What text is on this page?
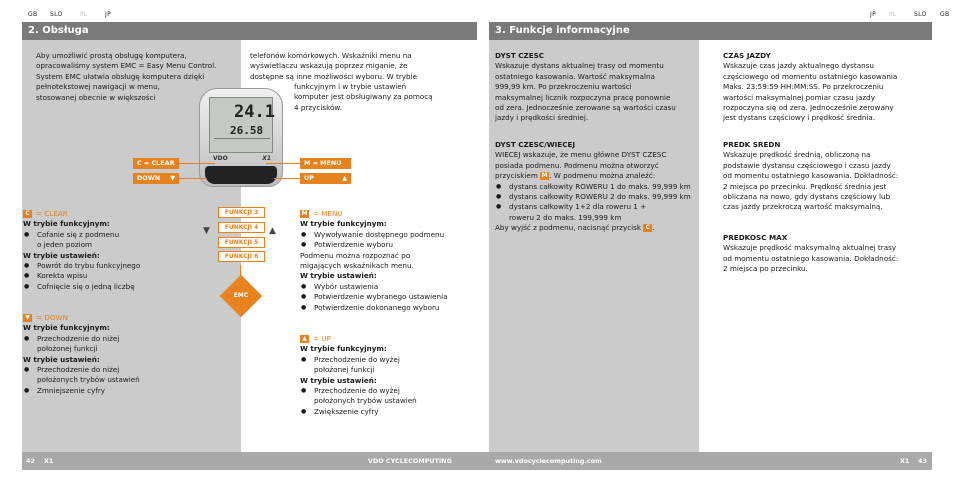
GB SLO	PL	JP
2. Obsługa

Aby umożliwić prostą obsługę komputera,

opracowaliśmy system EMC = Easy Menu Control.

System EMC ułatwia obsługę komputera dzięki

pełnotekstowej nawigacji w menu,

stosowanej obecnie w większości

telefonów komórkowych. Wskaźniki menu na

wyświetlaczu wskazują poprzez miganie, że

dostępne są inne możliwości wyboru. W trybie

funkcyjnym i w trybie ustawień

komputer jest obsługiwany za pomocą

4 przycisków.

24.1
26.58
VDO	X1
C = CLEAR
DOWN ▼
M = MENU
UP	▲
FUNKCJI 3
FUNKCJI 4
FUNKCJI 5
FUNKCJI 6
▼	▲
EMC

C = CLEAR

W trybie funkcyjnym:

● Cofanie się z podmenu

o jeden poziom

W trybie ustawień:

● Powrót do trybu funkcyjnego

● Korekta wpisu

● Cofnięcie się o jedną liczbę

▼ = DOWN

W trybie funkcyjnym:

● Przechodzenie do niżej

położonej funkcji

W trybie ustawień:

● Przechodzenie do niżej

położonych trybów ustawień

● Zmniejszenie cyfry

M = MENU

W trybie funkcyjnym:

● Wywoływanie dostępnego podmenu

● Potwierdzenie wyboru

Podmenu można rozpoznać po

migających wskaźnikach menu.

W trybie ustawień:

● Wybór ustawienia

● Potwierdzenie wybranego ustawienia

● Potwierdzenie dokonanego wyboru

▲ = UP

W trybie funkcyjnym:

● Przechodzenie do wyżej

położonej funkcji

W trybie ustawień:

● Przechodzenie do wyżej

położonych trybów ustawień

● Zwiększenie cyfry

42 X1	VDO CYCLECOMPUTING
JP PL	SLO GB
3. Funkcje informacyjne

DYST CZESC

Wskazuje dystans aktualnej trasy od momentu

ostatniego kasowania. Wartość maksymalna

999,99 km. Po przekroczeniu wartości

maksymalnej licznik rozpoczyna pracę ponownie

od zera. Jednocześnie zerowane są wartości czasu

jazdy i prędkości średniej.

DYST CZESC/WIECEJ

WIECEJ wskazuje, że menu główne DYST CZESC

posiada podmenu. Podmenu można otworzyć

przyciskiem M . W podmenu można znaleźć:

● dystans całkowity ROWERU 1 do maks. 99,999 km

● dystans całkowity ROWERU 2 do maks. 99,999 km

● dystans całkowity 1+2 dla roweru 1 +

roweru 2 do maks. 199,999 km

Aby wyjść z podmenu, nacisnąć przycisk C .

CZAS JAZDY

Wskazuje czas jazdy aktualnego dystansu

częściowego od momentu ostatniego kasowania

Maks. 23:59:59 HH:MM:SS. Po przekroczeniu

wartości maksymalnej pomiar czasu jazdy

rozpoczyna się od zera. Jednocześnie zerowany

jest dystans częściowy i prędkość średnia.

PREDK SREDN

Wskazuje prędkość średnią, obliczoną na

podstawie dystansu częściowego i czasu jazdy

od momentu ostatniego kasowania. Dokładność:

2 miejsca po przecinku. Prędkość średnia jest

obliczana na nowo, gdy dystans częściowy lub

czas jazdy przekroczą wartość maksymalną.

PREDKOSC MAX

Wskazuje prędkość maksymalną aktualnej trasy

od momentu ostatniego kasowania. Dokładność:

2 miejsca po przecinku.

www.vdocyclecomputing.com	X1 43
